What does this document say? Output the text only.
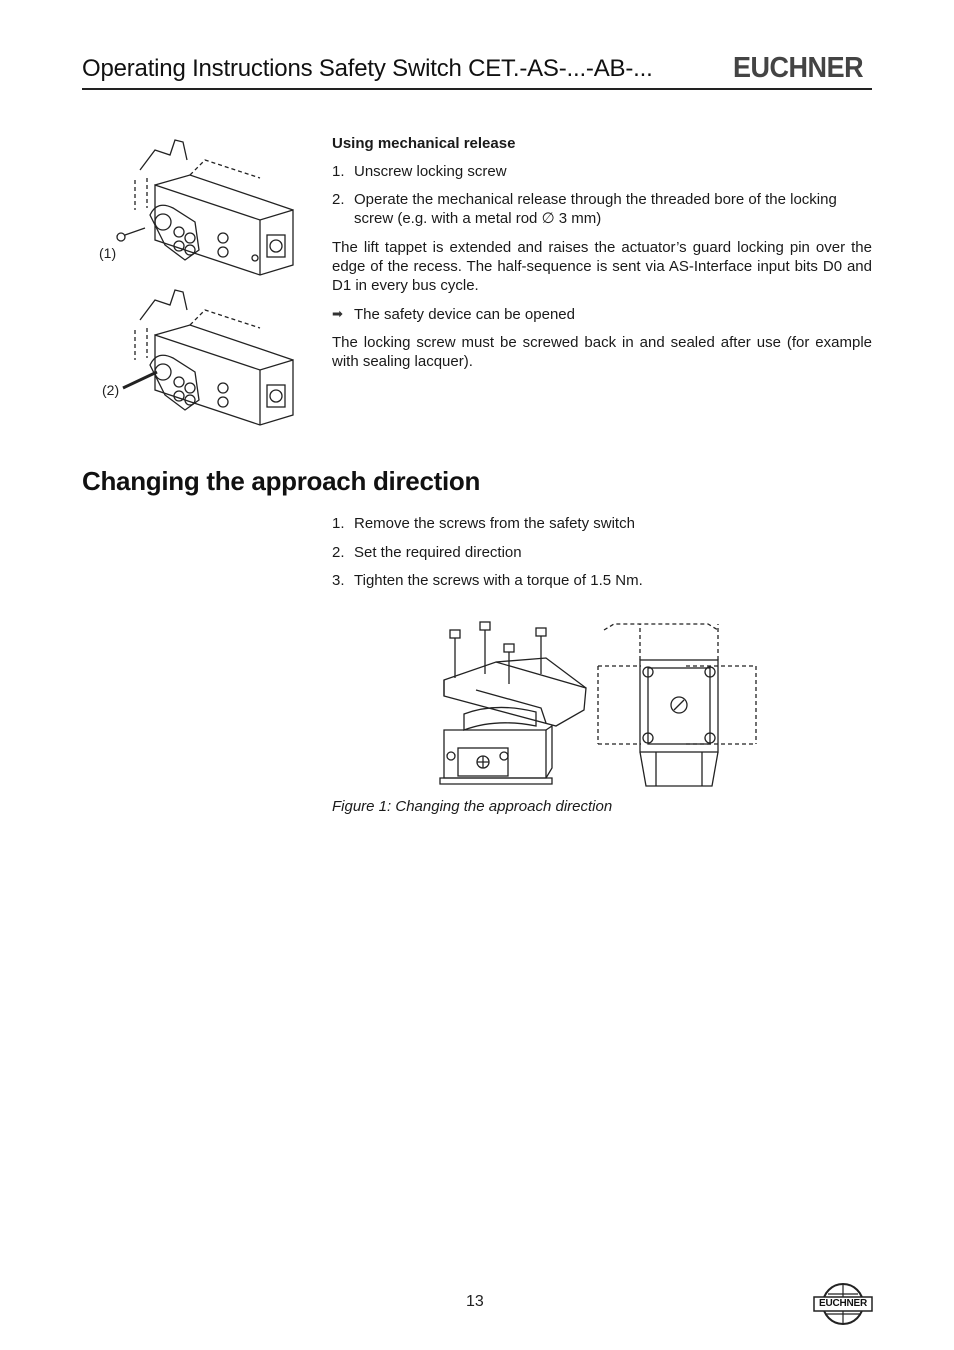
Operating Instructions Safety Switch CET.-AS-...-AB-...	EUCHNER
(1)
(2)
Using mechanical release
1. Unscrew locking screw
2. Operate the mechanical release through the threaded bore of the locking screw (e.g. with a metal rod ∅ 3 mm)
The lift tappet is extended and raises the actuator’s guard locking pin over the edge of the recess. The half-sequence is sent via AS-Interface input bits D0 and D1 in every bus cycle.
➡ The safety device can be opened
The locking screw must be screwed back in and sealed after use (for example with sealing lacquer).
Changing the approach direction
1. Remove the screws from the safety switch
2. Set the required direction
3. Tighten the screws with a torque of 1.5 Nm.
Figure 1: Changing the approach direction
13	EUCHNER
